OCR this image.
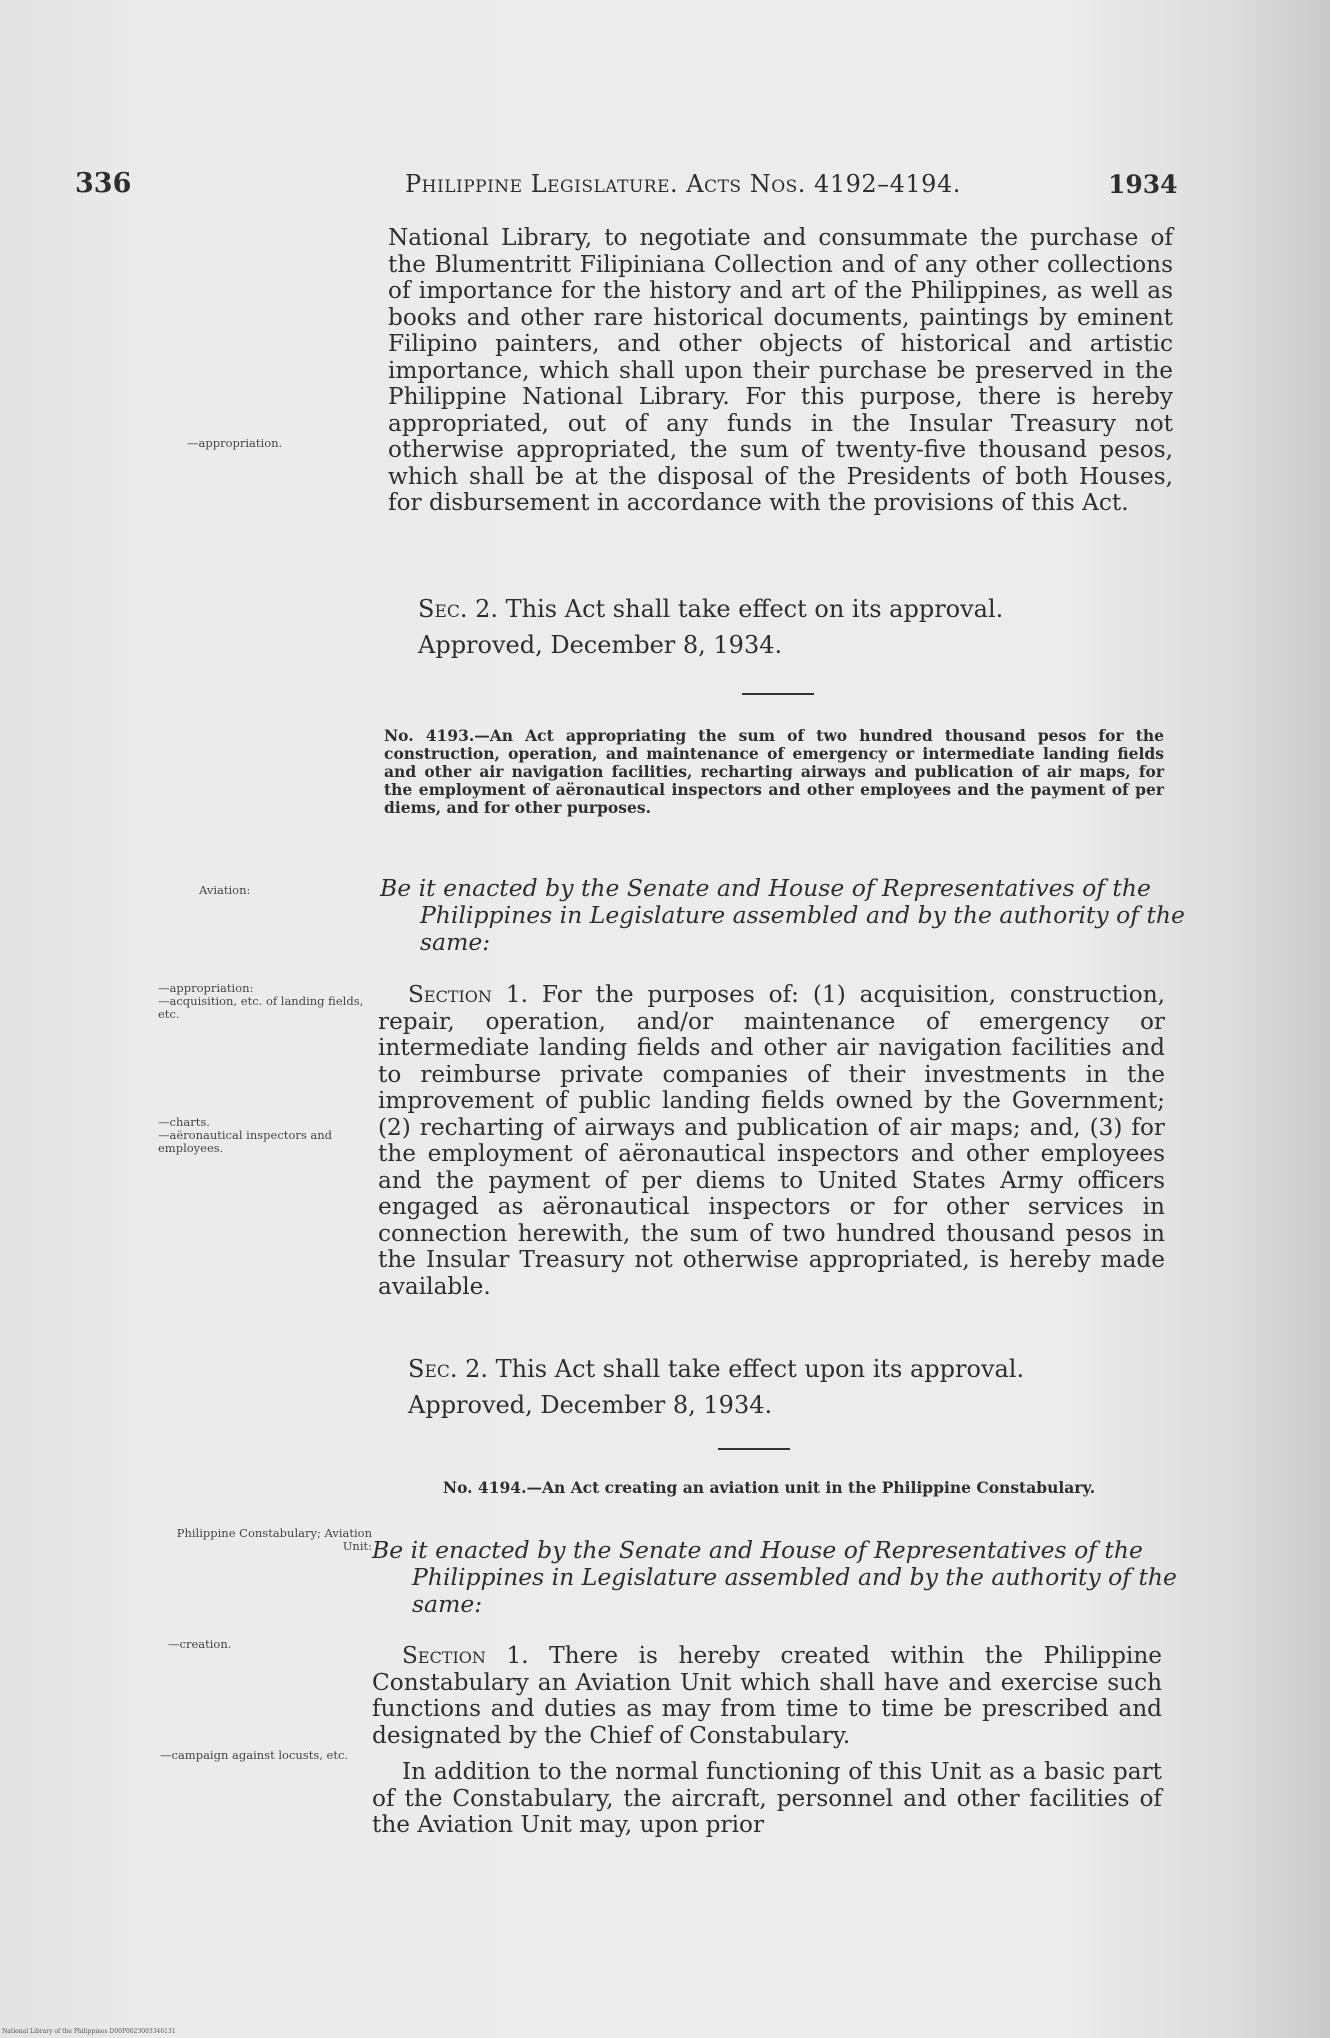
336	Philippine Legislature. Acts Nos. 4192–4194.	1934

National Library, to negotiate and consummate the purchase of the Blumentritt Filipiniana Collection and of any other collections of importance for the history and art of the Philippines, as well as books and other rare historical documents, paintings by eminent Filipino painters, and other objects of historical and artistic importance, which shall upon their purchase be preserved in the Philippine National Library. For this purpose, there is hereby appropriated, out of any funds in the Insular Treasury not otherwise appropriated, the sum of twenty-five thousand pesos, which shall be at the disposal of the Presidents of both Houses, for disbursement in accordance with the provisions of this Act.

—appropriation.

Sec. 2. This Act shall take effect on its approval.

Approved, December 8, 1934.
No. 4193.—An Act appropriating the sum of two hundred thousand pesos for the construction, operation, and maintenance of emergency or intermediate landing fields and other air navigation facilities, recharting airways and publication of air maps, for the employment of aëronautical inspectors and other employees and the payment of per diems, and for other purposes.
Aviation:	Be it enacted by the Senate and House of Representatives of the Philippines in Legislature assembled and by the authority of the same:
—appropriation:
—acquisition, etc. of landing fields, etc.
—charts.
—aëronautical inspectors and employees.

Section 1. For the purposes of: (1) acquisition, construction, repair, operation, and/or maintenance of emergency or intermediate landing fields and other air navigation facilities and to reimburse private companies of their investments in the improvement of public landing fields owned by the Government; (2) recharting of airways and publication of air maps; and, (3) for the employment of aëronautical inspectors and other employees and the payment of per diems to United States Army officers engaged as aëronautical inspectors or for other services in connection herewith, the sum of two hundred thousand pesos in the Insular Treasury not otherwise appropriated, is hereby made available.

Sec. 2. This Act shall take effect upon its approval.

Approved, December 8, 1934.
No. 4194.—An Act creating an aviation unit in the Philippine Constabulary.
Philippine Constabulary; Aviation Unit: Be it enacted by the Senate and House of Representatives of the Philippines in Legislature assembled and by the authority of the same:
—creation.
—campaign against locusts, etc.

Section 1. There is hereby created within the Philippine Constabulary an Aviation Unit which shall have and exercise such functions and duties as may from time to time be prescribed and designated by the Chief of Constabulary.

In addition to the normal functioning of this Unit as a basic part of the Constabulary, the aircraft, personnel and other facilities of the Aviation Unit may, upon prior

National Library of the Philippines D00P0023003346131
